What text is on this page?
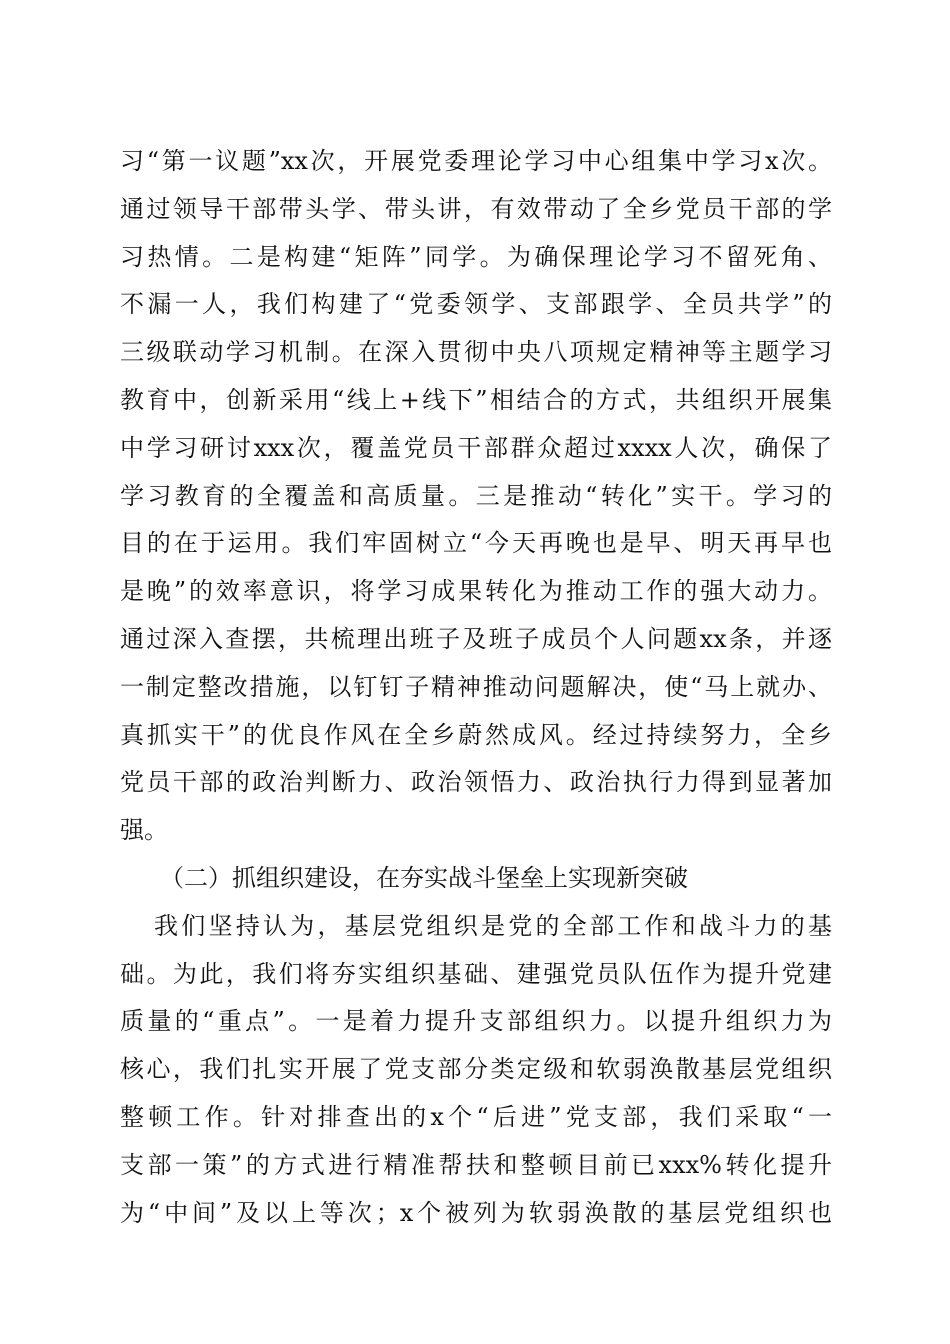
习“第一议题”xx次，开展党委理论学习中心组集中学习x次。
通过领导干部带头学、带头讲，有效带动了全乡党员干部的学
习热情。二是构建“矩阵”同学。为确保理论学习不留死角、
不漏一人，我们构建了“党委领学、支部跟学、全员共学”的
三级联动学习机制。在深入贯彻中央八项规定精神等主题学习
教育中，创新采用“线上+线下”相结合的方式，共组织开展集
中学习研讨xxx次，覆盖党员干部群众超过xxxx人次，确保了
学习教育的全覆盖和高质量。三是推动“转化”实干。学习的
目的在于运用。我们牢固树立“今天再晚也是早、明天再早也
是晚”的效率意识，将学习成果转化为推动工作的强大动力。
通过深入查摆，共梳理出班子及班子成员个人问题xx条，并逐
一制定整改措施，以钉钉子精神推动问题解决，使“马上就办、
真抓实干”的优良作风在全乡蔚然成风。经过持续努力，全乡
党员干部的政治判断力、政治领悟力、政治执行力得到显著加
强。
（二）抓组织建设，在夯实战斗堡垒上实现新突破
我们坚持认为，基层党组织是党的全部工作和战斗力的基
础。为此，我们将夯实组织基础、建强党员队伍作为提升党建
质量的“重点”。一是着力提升支部组织力。以提升组织力为
核心，我们扎实开展了党支部分类定级和软弱涣散基层党组织
整顿工作。针对排查出的x个“后进”党支部，我们采取“一
支部一策”的方式进行精准帮扶和整顿目前已xxx%转化提升
为“中间”及以上等次；x个被列为软弱涣散的基层党组织也
